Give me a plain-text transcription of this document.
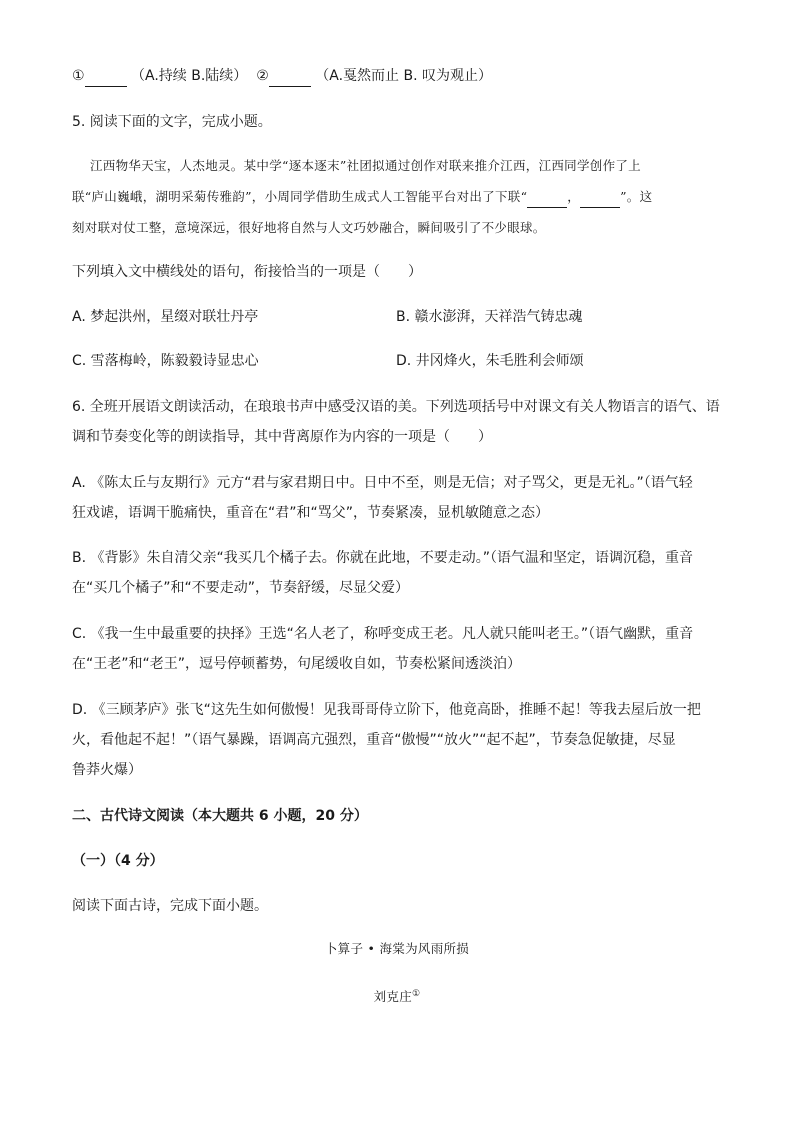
①	（A.持续 B.陆续） ②	（A.戛然而止 B. 叹为观止）
5. 阅读下面的文字，完成小题。
江西物华天宝，人杰地灵。某中学“逐本逐末”社团拟通过创作对联来推介江西，江西同学创作了上
联“庐山巍峨，湖明采菊传雅韵”，小周同学借助生成式人工智能平台对出了下联“	，	”。这
刻对联对仗工整，意境深远，很好地将自然与人文巧妙融合，瞬间吸引了不少眼球。
下列填入文中横线处的语句，衔接恰当的一项是（　　）
A. 梦起洪州，星缀对联壮丹亭	B. 赣水澎湃，天祥浩气铸忠魂
C. 雪落梅岭，陈毅毅诗显忠心	D. 井冈烽火，朱毛胜利会师颂
6. 全班开展语文朗读活动，在琅琅书声中感受汉语的美。下列选项括号中对课文有关人物语言的语气、语
调和节奏变化等的朗读指导，其中背离原作为内容的一项是（　　）
A. 《陈太丘与友期行》元方“君与家君期日中。日中不至，则是无信；对子骂父，更是无礼。”（语气轻
狂戏谑，语调干脆痛快，重音在“君”和“骂父”，节奏紧凑，显机敏随意之态）
B. 《背影》朱自清父亲“我买几个橘子去。你就在此地，不要走动。”（语气温和坚定，语调沉稳，重音
在“买几个橘子”和“不要走动”，节奏舒缓，尽显父爱）
C. 《我一生中最重要的抉择》王选“名人老了，称呼变成王老。凡人就只能叫老王。”（语气幽默，重音
在“王老”和“老王”，逗号停顿蓄势，句尾缓收自如，节奏松紧间透淡泊）
D. 《三顾茅庐》张飞“这先生如何傲慢！见我哥哥侍立阶下，他竟高卧，推睡不起！等我去屋后放一把
火，看他起不起！”（语气暴躁，语调高亢强烈，重音“傲慢”“放火”“起不起”，节奏急促敏捷，尽显
鲁莽火爆）
二、古代诗文阅读（本大题共 6 小题，20 分）
（一）（4 分）
阅读下面古诗，完成下面小题。
卜算子 • 海棠为风雨所损
刘克庄①
